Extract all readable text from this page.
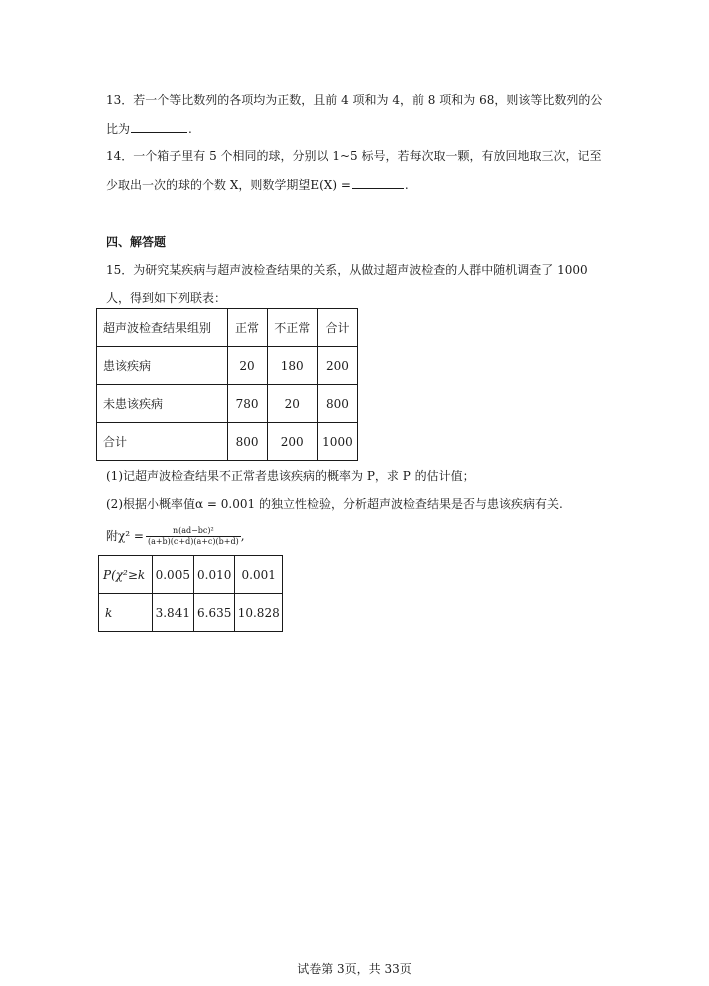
13．若一个等比数列的各项均为正数，且前 4 项和为 4，前 8 项和为 68，则该等比数列的公
比为	.
14．一个箱子里有 5 个相同的球，分别以 1~5 标号，若每次取一颗，有放回地取三次，记至
少取出一次的球的个数 X，则数学期望E(X) =	.
四、解答题
15．为研究某疾病与超声波检查结果的关系，从做过超声波检查的人群中随机调查了 1000
人，得到如下列联表：
超声波检查结果组别	正常	不正常	合计
患该疾病	20	180	200
未患该疾病	780	20	800
合计	800	200	1000
(1)记超声波检查结果不正常者患该疾病的概率为 P，求 P 的估计值；
(2)根据小概率值α = 0.001 的独立性检验，分析超声波检查结果是否与患该疾病有关.
附$\chi^2 = \frac{\text{n(ad−bc)²}}{(a+b)(c+d)(a+c)(b+d)}$ ,
P(χ²≥k	0.005	0.010	0.001
k	3.841	6.635	10.828
试卷第 3页，共 33页
